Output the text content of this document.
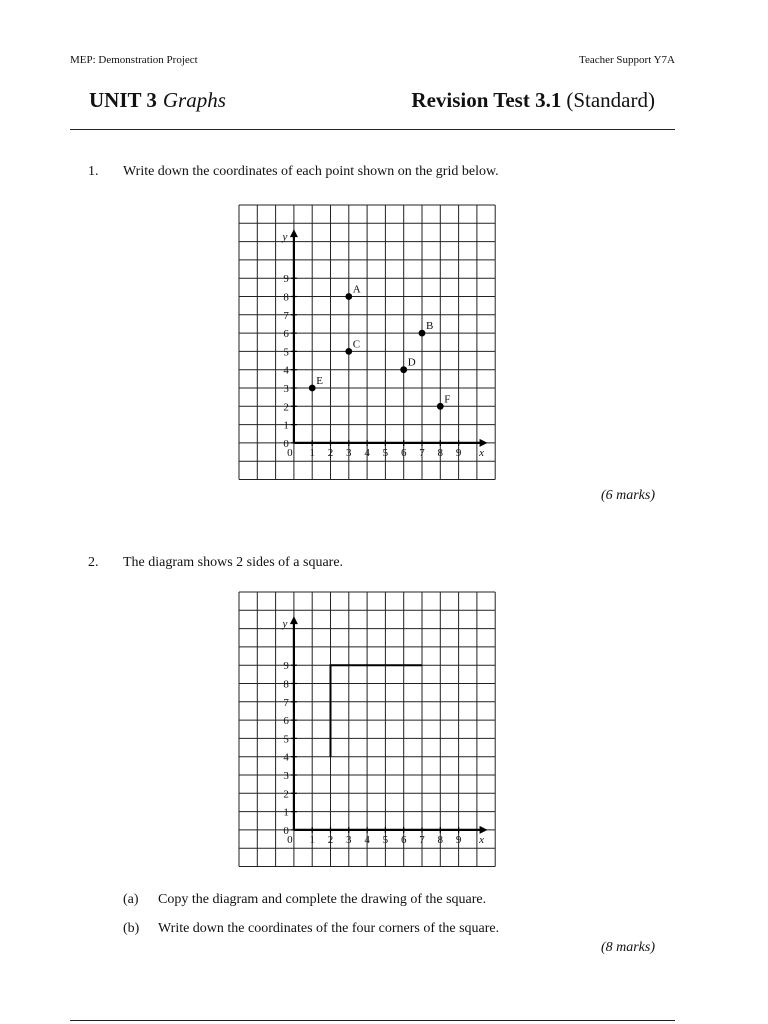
MEP: Demonstration Project	Teacher Support Y7A
UNIT 3 Graphs	Revision Test 3.1 (Standard)
1. Write down the coordinates of each point shown on the grid below.
0 1 2 3 4 5 6 7 8 9
0
1
2
3
4
5
6
7
8
9
x
y
A
B
C
D
E
F
(6 marks)
2. The diagram shows 2 sides of a square.
0 1 2 3 4 5 6 7 8 9
0
1
2
3
4
5
6
7
8
9
x
y
(a) Copy the diagram and complete the drawing of the square.
(b) Write down the coordinates of the four corners of the square.
(8 marks)
